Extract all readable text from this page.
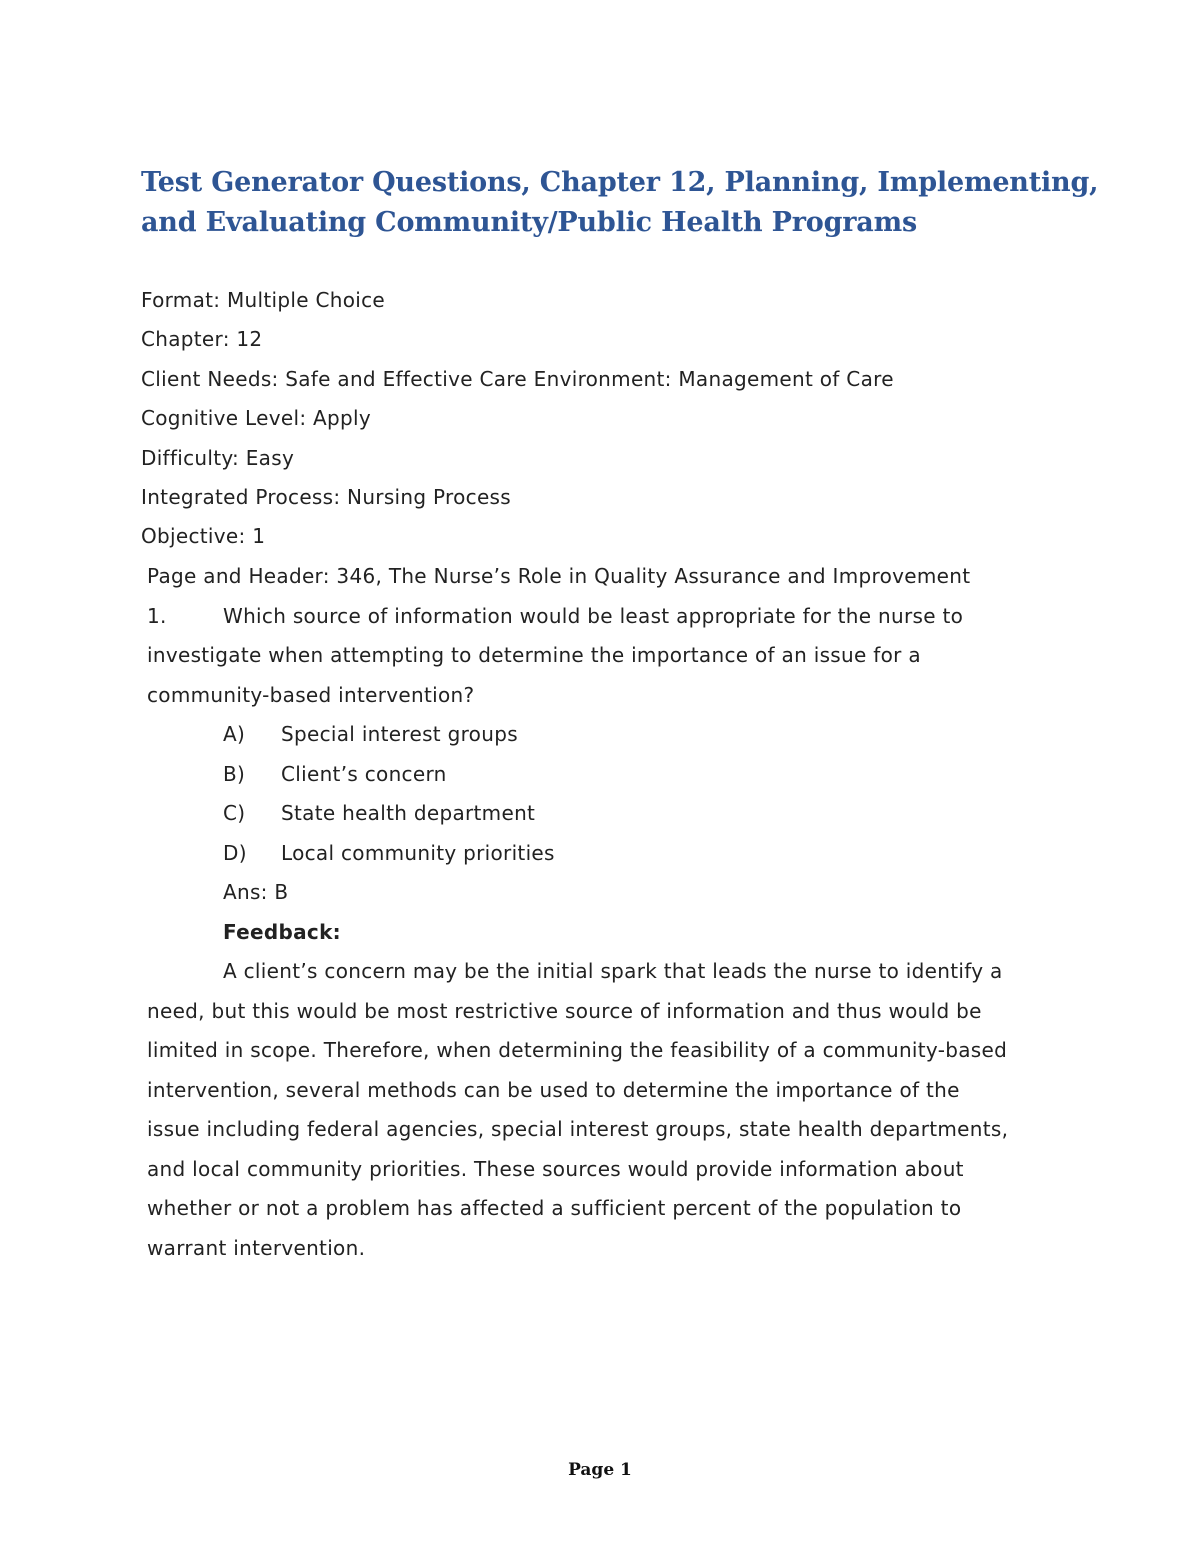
Test Generator Questions, Chapter 12, Planning, Implementing,
and Evaluating Community/Public Health Programs
Format: Multiple Choice
Chapter: 12
Client Needs: Safe and Effective Care Environment: Management of Care
Cognitive Level: Apply
Difficulty: Easy
Integrated Process: Nursing Process
Objective: 1
Page and Header: 346, The Nurse’s Role in Quality Assurance and Improvement
1.	Which source of information would be least appropriate for the nurse to
investigate when attempting to determine the importance of an issue for a
community-based intervention?
A) Special interest groups
B) Client’s concern
C) State health department
D) Local community priorities
Ans: B
Feedback:
A client’s concern may be the initial spark that leads the nurse to identify a
need, but this would be most restrictive source of information and thus would be
limited in scope. Therefore, when determining the feasibility of a community-based
intervention, several methods can be used to determine the importance of the
issue including federal agencies, special interest groups, state health departments,
and local community priorities. These sources would provide information about
whether or not a problem has affected a sufficient percent of the population to
warrant intervention.
Page 1
